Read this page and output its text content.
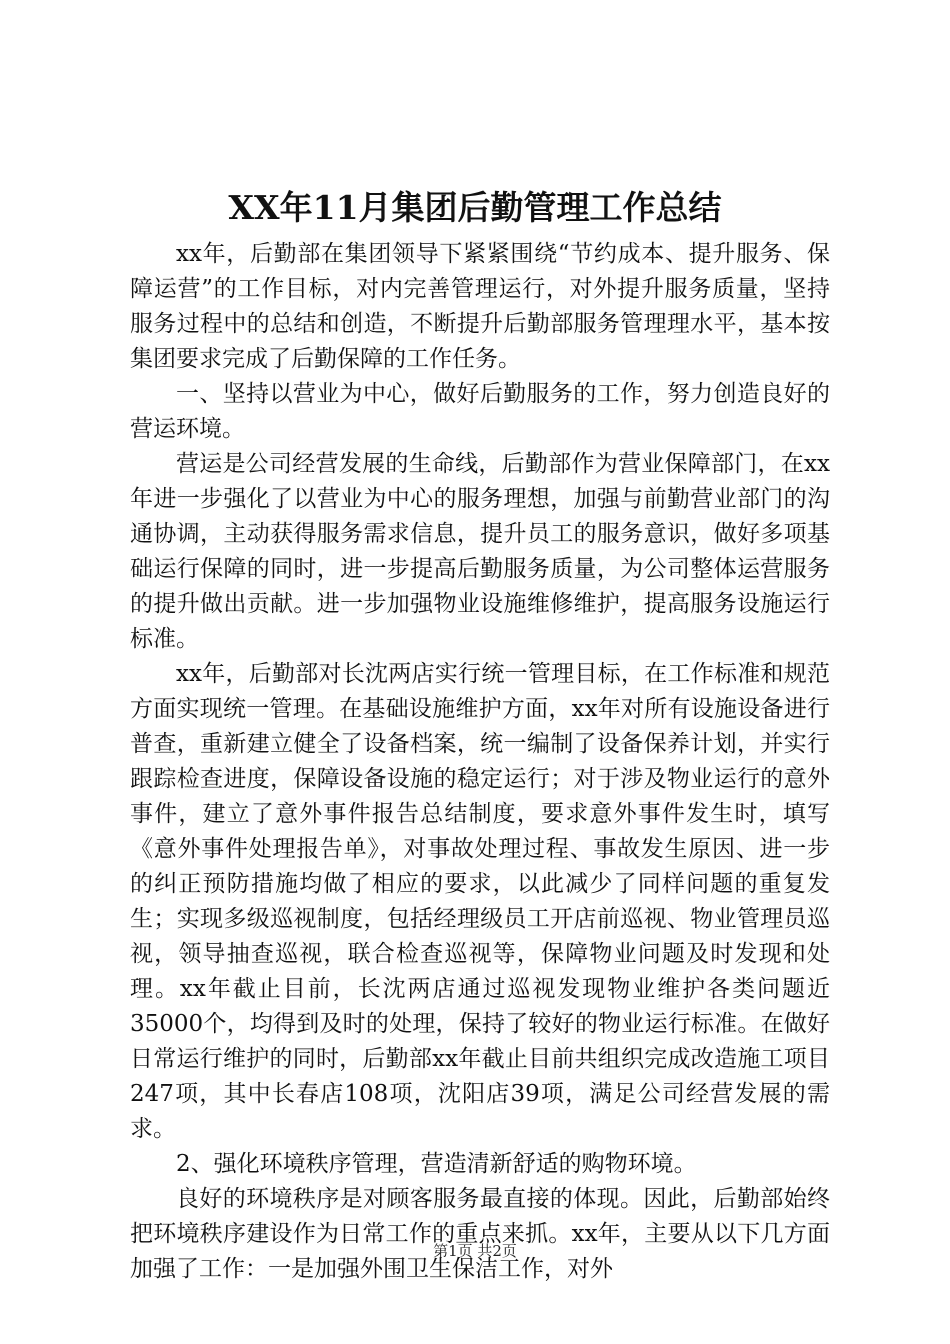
XX年11月集团后勤管理工作总结

xx年，后勤部在集团领导下紧紧围绕“节约成本、提升服务、保障运营”的工作目标，对内完善管理运行，对外提升服务质量，坚持服务过程中的总结和创造，不断提升后勤部服务管理理水平，基本按集团要求完成了后勤保障的工作任务。

一、坚持以营业为中心，做好后勤服务的工作，努力创造良好的营运环境。

营运是公司经营发展的生命线，后勤部作为营业保障部门，在xx年进一步强化了以营业为中心的服务理想，加强与前勤营业部门的沟通协调，主动获得服务需求信息，提升员工的服务意识，做好多项基础运行保障的同时，进一步提高后勤服务质量，为公司整体运营服务的提升做出贡献。进一步加强物业设施维修维护，提高服务设施运行标准。

xx年，后勤部对长沈两店实行统一管理目标，在工作标准和规范方面实现统一管理。在基础设施维护方面，xx年对所有设施设备进行普查，重新建立健全了设备档案，统一编制了设备保养计划，并实行跟踪检查进度，保障设备设施的稳定运行；对于涉及物业运行的意外事件，建立了意外事件报告总结制度，要求意外事件发生时，填写《意外事件处理报告单》，对事故处理过程、事故发生原因、进一步的纠正预防措施均做了相应的要求，以此减少了同样问题的重复发生；实现多级巡视制度，包括经理级员工开店前巡视、物业管理员巡视，领导抽查巡视，联合检查巡视等，保障物业问题及时发现和处理。xx年截止目前，长沈两店通过巡视发现物业维护各类问题近35000个，均得到及时的处理，保持了较好的物业运行标准。在做好日常运行维护的同时，后勤部xx年截止目前共组织完成改造施工项目247项，其中长春店108项，沈阳店39项，满足公司经营发展的需求。

2、强化环境秩序管理，营造清新舒适的购物环境。

良好的环境秩序是对顾客服务最直接的体现。因此，后勤部始终把环境秩序建设作为日常工作的重点来抓。xx年，主要从以下几方面加强了工作：一是加强外围卫生保洁工作，对外

第1页 共2页
